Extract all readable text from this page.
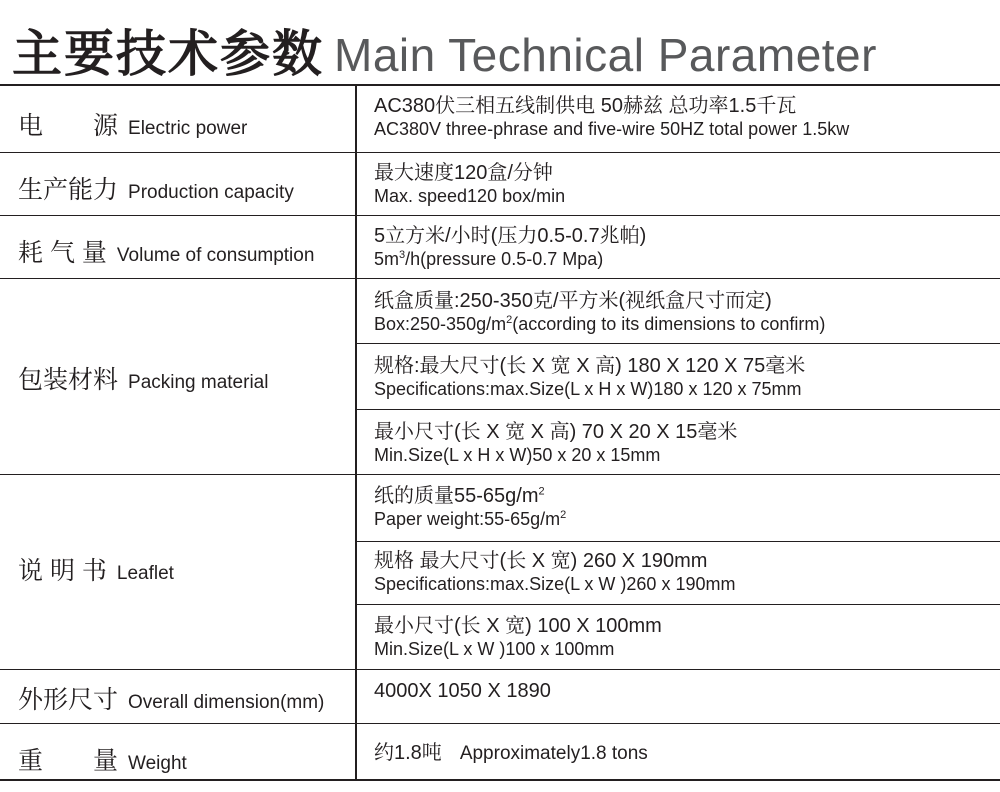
主要技术参数 Main Technical Parameter
电　　源 Electric power
AC380伏三相五线制供电 50赫兹 总功率1.5千瓦
AC380V three-phrase and five-wire 50HZ total power 1.5kw
生产能力 Production capacity
最大速度120盒/分钟
Max. speed120 box/min
耗 气 量 Volume of consumption
5立方米/小时(压力0.5-0.7兆帕)
$5m^3/h(pressure$ 0.5-0.7 Mpa)
包装材料 Packing material
纸盒质量:250-350克/平方米(视纸盒尺寸而定)
$Box:250-350g/m^2(according$ to its dimensions to confirm)
规格:最大尺寸(长 X 宽 X 高) 180 X 120 X 75毫米
Specifications:max.Size(L x H x W)180 x 120 x 75mm
最小尺寸(长 X 宽 X 高) 70 X 20 X 15毫米
Min.Size(L x H x W)50 x 20 x 15mm
说 明 书 Leaflet
纸的质量$55-65g/m^2$
Paper $weight:55-65g/m^2$
规格 最大尺寸(长 X 宽) 260 X 190mm
Specifications:max.Size(L x W )260 x 190mm
最小尺寸(长 X 宽) 100 X 100mm
Min.Size(L x W )100 x 100mm
外形尺寸 Overall dimension(mm)
4000X 1050 X 1890
重　　量 Weight	约1.8吨 Approximately1.8 tons
